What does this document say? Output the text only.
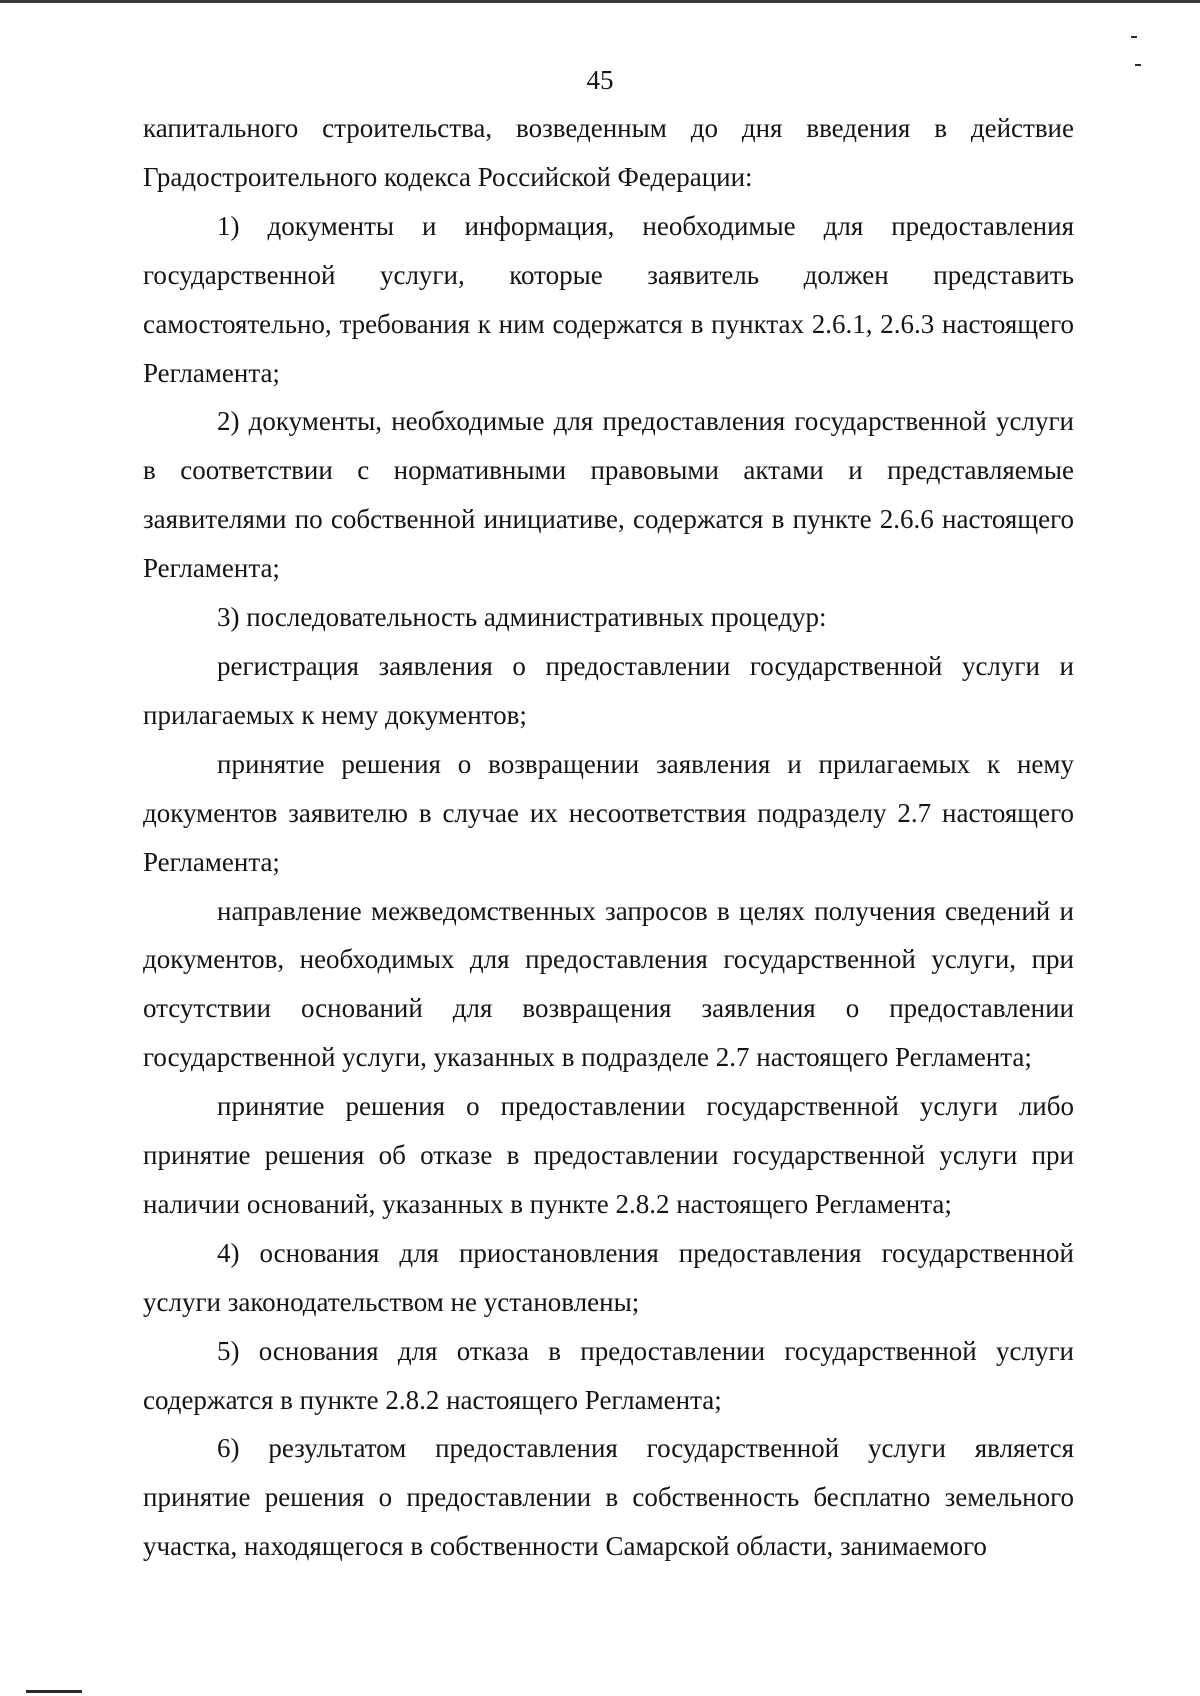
45

капитального строительства, возведенным до дня введения в действие Градостроительного кодекса Российской Федерации:

1) документы и информация, необходимые для предоставления государственной услуги, которые заявитель должен представить самостоятельно, требования к ним содержатся в пунктах 2.6.1, 2.6.3 настоящего Регламента;

2) документы, необходимые для предоставления государственной услуги в соответствии с нормативными правовыми актами и представляемые заявителями по собственной инициативе, содержатся в пункте 2.6.6 настоящего Регламента;

3) последовательность административных процедур:

регистрация заявления о предоставлении государственной услуги и прилагаемых к нему документов;

принятие решения о возвращении заявления и прилагаемых к нему документов заявителю в случае их несоответствия подразделу 2.7 настоящего Регламента;

направление межведомственных запросов в целях получения сведений и документов, необходимых для предоставления государственной услуги, при отсутствии оснований для возвращения заявления о предоставлении государственной услуги, указанных в подразделе 2.7 настоящего Регламента;

принятие решения о предоставлении государственной услуги либо принятие решения об отказе в предоставлении государственной услуги при наличии оснований, указанных в пункте 2.8.2 настоящего Регламента;

4) основания для приостановления предоставления государственной услуги законодательством не установлены;

5) основания для отказа в предоставлении государственной услуги содержатся в пункте 2.8.2 настоящего Регламента;

6) результатом предоставления государственной услуги является принятие решения о предоставлении в собственность бесплатно земельного участка, находящегося в собственности Самарской области, занимаемого
